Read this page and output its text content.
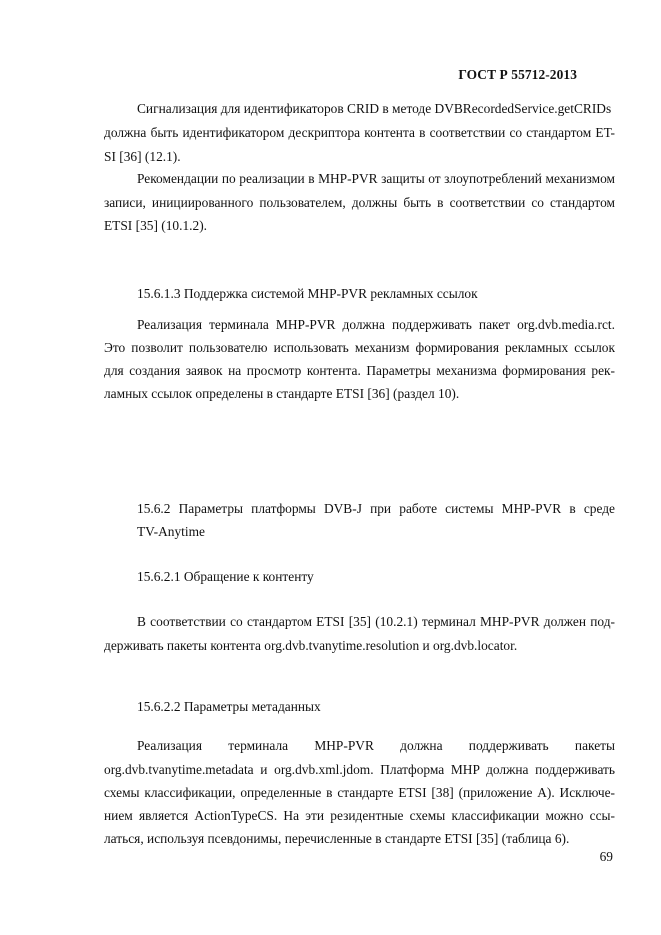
ГОСТ Р 55712-2013
Сигнализация для идентификаторов CRID в методе DVBRecordedService.getCRIDs
должна быть идентификатором дескриптора контента в соответствии со стандартом ET-
SI [36] (12.1).
Рекомендации по реализации в MHP-PVR защиты от злоупотреблений механизмом
записи, инициированного пользователем, должны быть в соответствии со стандартом
ETSI [35] (10.1.2).
15.6.1.3 Поддержка системой MHP-PVR рекламных ссылок
Реализация терминала MHP-PVR должна поддерживать пакет org.dvb.media.rct.
Это позволит пользователю использовать механизм формирования рекламных ссылок
для создания заявок на просмотр контента. Параметры механизма формирования рек-
ламных ссылок определены в стандарте ETSI [36] (раздел 10).
15.6.2 Параметры платформы DVB-J при работе системы MHP-PVR в среде
TV-Anytime
15.6.2.1 Обращение к контенту
В соответствии со стандартом ETSI [35] (10.2.1) терминал MHP-PVR должен под-
держивать пакеты контента org.dvb.tvanytime.resolution и org.dvb.locator.
15.6.2.2 Параметры метаданных
Реализация терминала MHP-PVR должна поддерживать пакеты
org.dvb.tvanytime.metadata и org.dvb.xml.jdom. Платформа MHP должна поддерживать
схемы классификации, определенные в стандарте ETSI [38] (приложение А). Исключе-
нием является ActionTypeCS. На эти резидентные схемы классификации можно ссы-
латься, используя псевдонимы, перечисленные в стандарте ETSI [35] (таблица 6).
69
